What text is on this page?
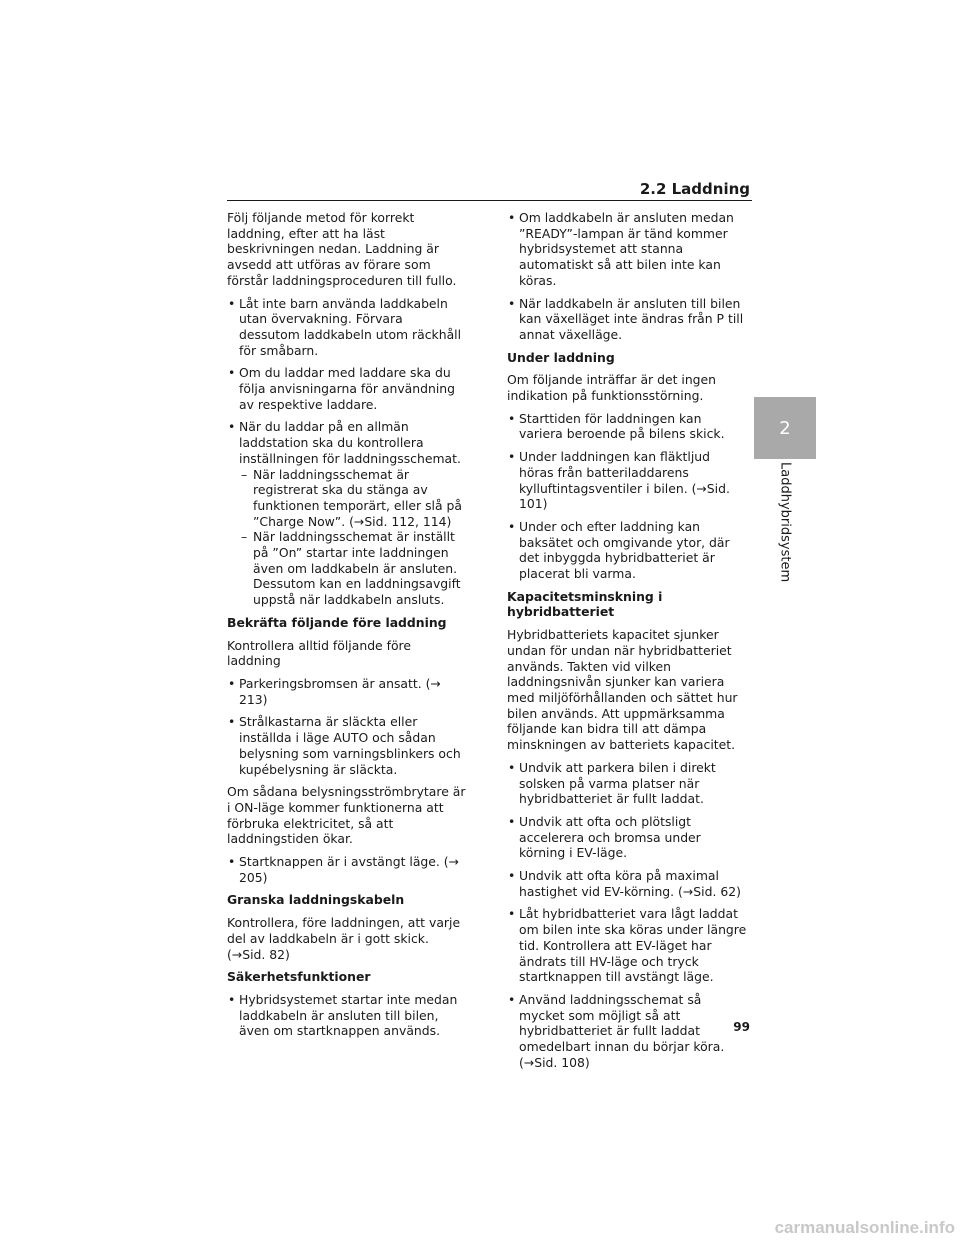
2.2 Laddning

Följ följande metod för korrekt laddning, efter att ha läst beskrivningen nedan. Laddning är avsedd att utföras av förare som förstår laddningsproceduren till fullo.

• Låt inte barn använda laddkabeln utan övervakning. Förvara dessutom laddkabeln utom räckhåll för småbarn.
• Om du laddar med laddare ska du följa anvisningarna för användning av respektive laddare.
• När du laddar på en allmän laddstation ska du kontrollera inställningen för laddningsschemat.
– När laddningsschemat är registrerat ska du stänga av funktionen temporärt, eller slå på ”Charge Now”. (→Sid. 112, 114)
– När laddningsschemat är inställt på ”On” startar inte laddningen även om laddkabeln är ansluten. Dessutom kan en laddningsavgift uppstå när laddkabeln ansluts.
Bekräfta följande före laddning

Kontrollera alltid följande före laddning

• Parkeringsbromsen är ansatt. (→ 213)
• Strålkastarna är släckta eller inställda i läge AUTO och sådan belysning som varningsblinkers och kupébelysning är släckta.

Om sådana belysningsströmbrytare är i ON-läge kommer funktionerna att förbruka elektricitet, så att laddningstiden ökar.

• Startknappen är i avstängt läge. (→ 205)
Granska laddningskabeln

Kontrollera, före laddningen, att varje del av laddkabeln är i gott skick. (→Sid. 82)

Säkerhetsfunktioner
• Hybridsystemet startar inte medan laddkabeln är ansluten till bilen, även om startknappen används.
• Om laddkabeln är ansluten medan ”READY”-lampan är tänd kommer hybridsystemet att stanna automatiskt så att bilen inte kan köras.
• När laddkabeln är ansluten till bilen kan växelläget inte ändras från P till annat växelläge.
Under laddning

Om följande inträffar är det ingen indikation på funktionsstörning.

• Starttiden för laddningen kan variera beroende på bilens skick.
• Under laddningen kan fläktljud höras från batteriladdarens kylluftintagsventiler i bilen. (→Sid. 101)
• Under och efter laddning kan baksätet och omgivande ytor, där det inbyggda hybridbatteriet är placerat bli varma.
Kapacitetsminskning i hybridbatteriet

Hybridbatteriets kapacitet sjunker undan för undan när hybridbatteriet används. Takten vid vilken laddningsnivån sjunker kan variera med miljöförhållanden och sättet hur bilen används. Att uppmärksamma följande kan bidra till att dämpa minskningen av batteriets kapacitet.

• Undvik att parkera bilen i direkt solsken på varma platser när hybridbatteriet är fullt laddat.
• Undvik att ofta och plötsligt accelerera och bromsa under körning i EV-läge.
• Undvik att ofta köra på maximal hastighet vid EV-körning. (→Sid. 62)
• Låt hybridbatteriet vara lågt laddat om bilen inte ska köras under längre tid. Kontrollera att EV-läget har ändrats till HV-läge och tryck startknappen till avstängt läge.
• Använd laddningsschemat så mycket som möjligt så att hybridbatteriet är fullt laddat omedelbart innan du börjar köra. (→Sid. 108)
2
Laddhybridsystem
99
carmanualsonline.info
